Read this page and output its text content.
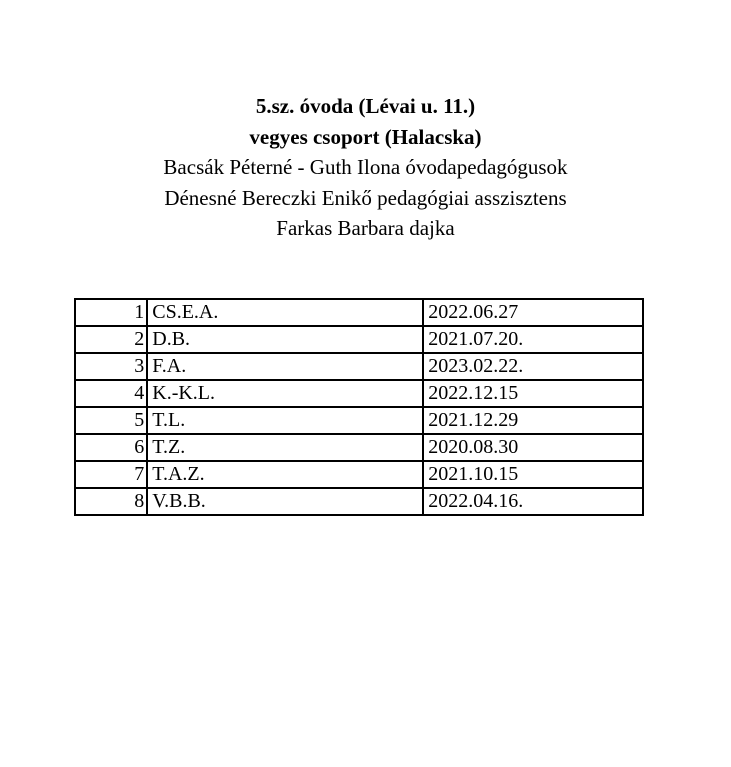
5.sz. óvoda (Lévai u. 11.)
vegyes csoport (Halacska)
Bacsák Péterné - Guth Ilona óvodapedagógusok
Dénesné Bereczki Enikő pedagógiai asszisztens
Farkas Barbara dajka
1	CS.E.A.	2022.06.27
2	D.B.	2021.07.20.
3	F.A.	2023.02.22.
4	K.-K.L.	2022.12.15
5	T.L.	2021.12.29
6	T.Z.	2020.08.30
7	T.A.Z.	2021.10.15
8	V.B.B.	2022.04.16.
